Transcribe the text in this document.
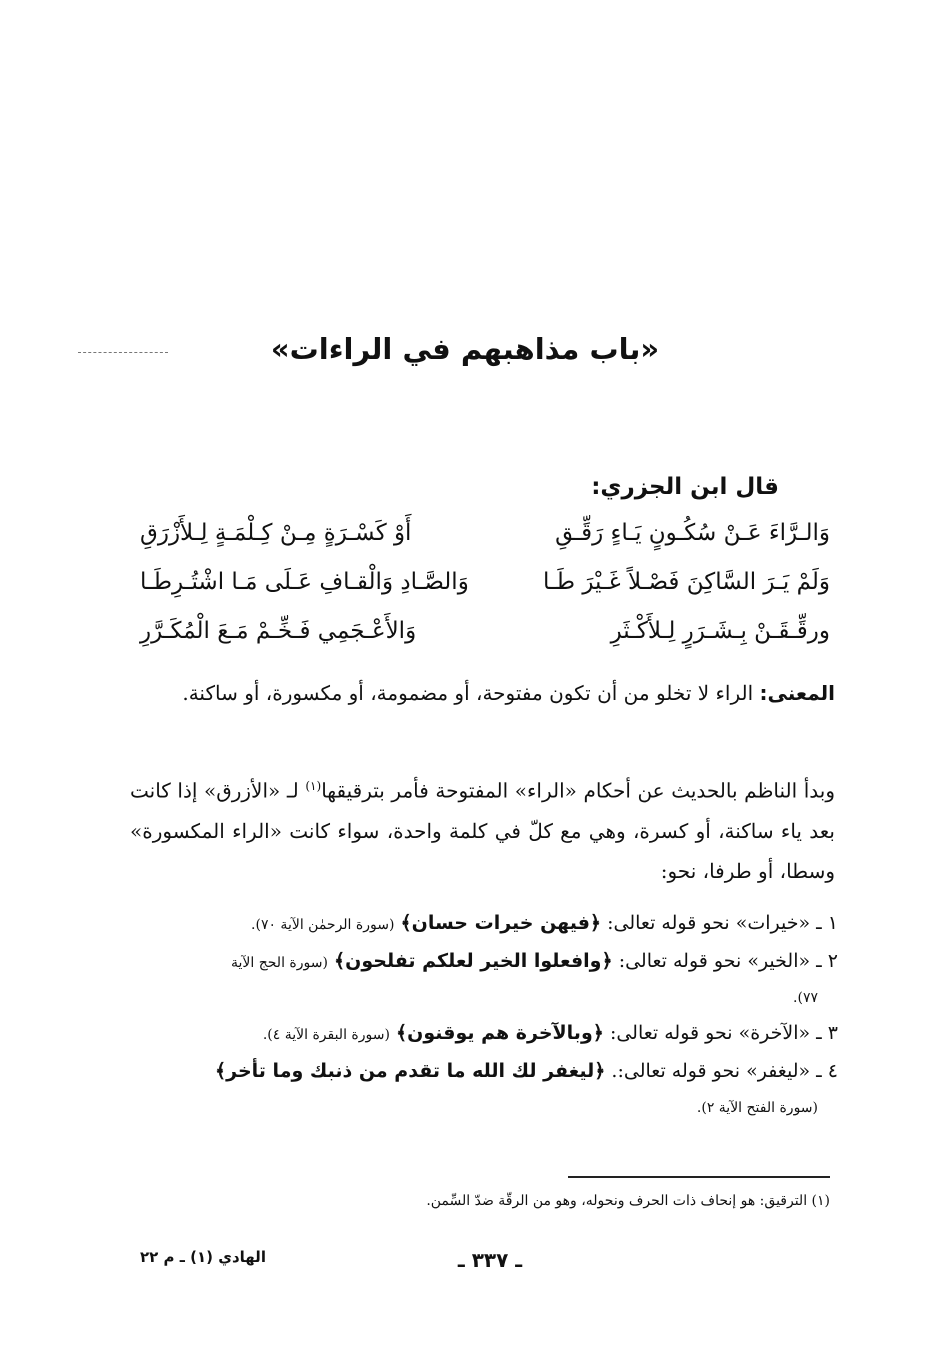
«باب مذاهبهم في الراءات»
قال ابن الجزري:
وَالـرَّاءَ عَـنْ سُكُـونٍ يَـاءٍ رَقِّـقِ
أَوْ كَسْـرَةٍ مِـنْ كِـلْمَـةٍ لِـلأَزْرَقِ
وَلَمْ يَـرَ السَّاكِنَ فَصْـلاً غَـيْرَ طَـا
وَالصَّـادِ وَالْقـافِ عَـلَى مَـا اشْتُـرِطَـا
ورقِّـقَـنْ بِـشَـرَرٍ لِـلأَكْـثَرِ
وَالأَعْـجَمِي فَـخِّـمْ مَـعَ الْمُكَـرَّرِ
المعنى: الراء لا تخلو من أن تكون مفتوحة، أو مضمومة، أو مكسورة، أو ساكنة.
وبدأ الناظم بالحديث عن أحكام «الراء» المفتوحة فأمر بترقيقها$^{(١)}$ لـ «الأزرق» إذا كانت بعد ياء ساكنة، أو كسرة، وهي مع كلّ في كلمة واحدة، سواء كانت «الراء المكسورة» وسطا، أو طرفا، نحو:
١ ـ «خيرات» نحو قوله تعالى: ﴿فيهن خيرات حسان﴾ (سورة الرحمٰن الآية ٧٠).
٢ ـ «الخير» نحو قوله تعالى: ﴿وافعلوا الخير لعلكم تفلحون﴾ (سورة الحج الآية
٧٧).
٣ ـ «الآخرة» نحو قوله تعالى: ﴿وبالآخرة هم يوقنون﴾ (سورة البقرة الآية ٤).
٤ ـ «ليغفر» نحو قوله تعالى:. ﴿ليغفر لك الله ما تقدم من ذنبك وما تأخر﴾
(سورة الفتح الآية ٢).
(١) الترقيق: هو إنحاف ذات الحرف ونحوله، وهو من الرقّة ضدّ السِّمن.
ـ ٣٣٧ ـ
الهادي (١) ـ م ٢٢
